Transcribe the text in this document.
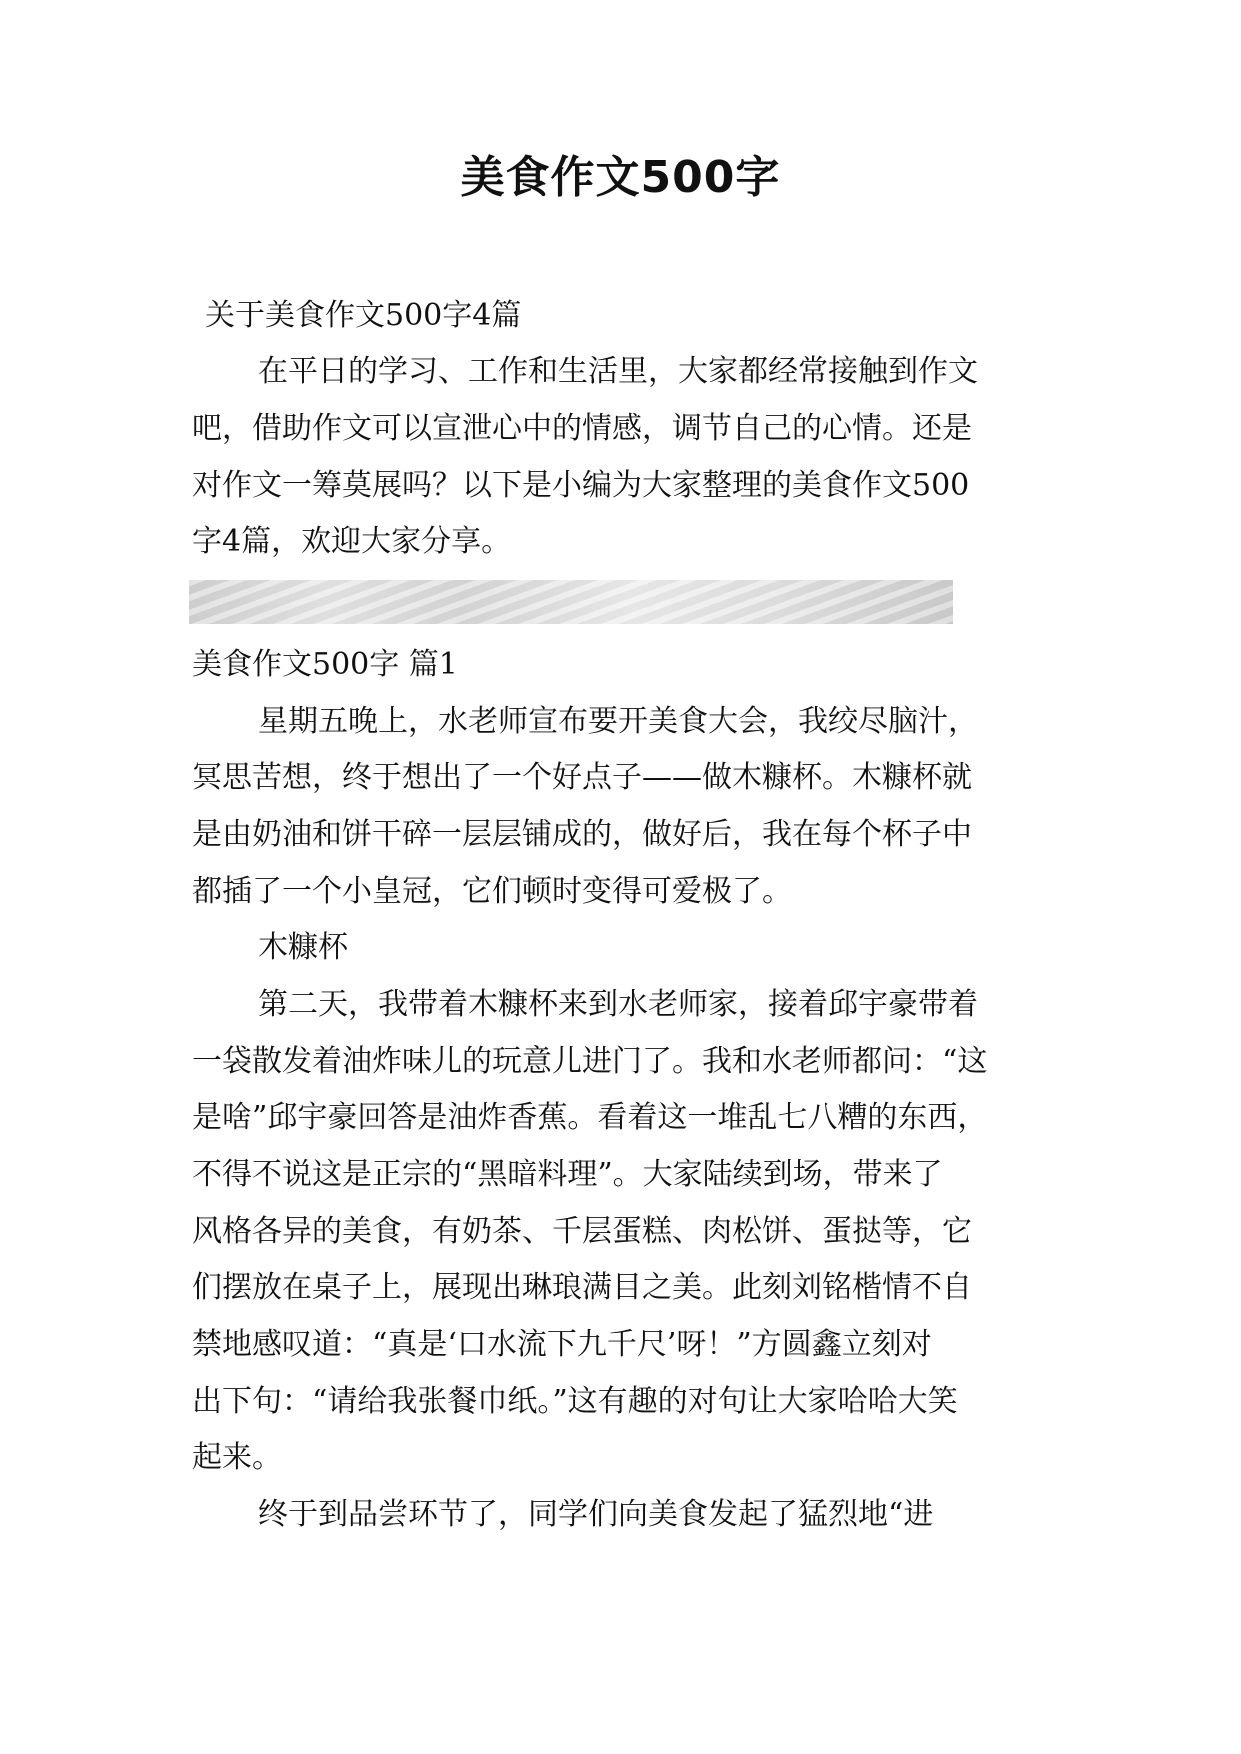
美食作文500字

关于美食作文500字4篇

在平日的学习、工作和生活里，大家都经常接触到作文

吧，借助作文可以宣泄心中的情感，调节自己的心情。还是

对作文一筹莫展吗？以下是小编为大家整理的美食作文500

字4篇，欢迎大家分享。

美食作文500字 篇1

星期五晚上，水老师宣布要开美食大会，我绞尽脑汁，

冥思苦想，终于想出了一个好点子——做木糠杯。木糠杯就

是由奶油和饼干碎一层层铺成的，做好后，我在每个杯子中

都插了一个小皇冠，它们顿时变得可爱极了。

木糠杯

第二天，我带着木糠杯来到水老师家，接着邱宇豪带着

一袋散发着油炸味儿的玩意儿进门了。我和水老师都问：“这

是啥”邱宇豪回答是油炸香蕉。看着这一堆乱七八糟的东西，

不得不说这是正宗的“黑暗料理”。大家陆续到场，带来了

风格各异的美食，有奶茶、千层蛋糕、肉松饼、蛋挞等，它

们摆放在桌子上，展现出琳琅满目之美。此刻刘铭楷情不自

禁地感叹道：“真是‘口水流下九千尺’呀！”方圆鑫立刻对

出下句：“请给我张餐巾纸。”这有趣的对句让大家哈哈大笑

起来。

终于到品尝环节了，同学们向美食发起了猛烈地“进
